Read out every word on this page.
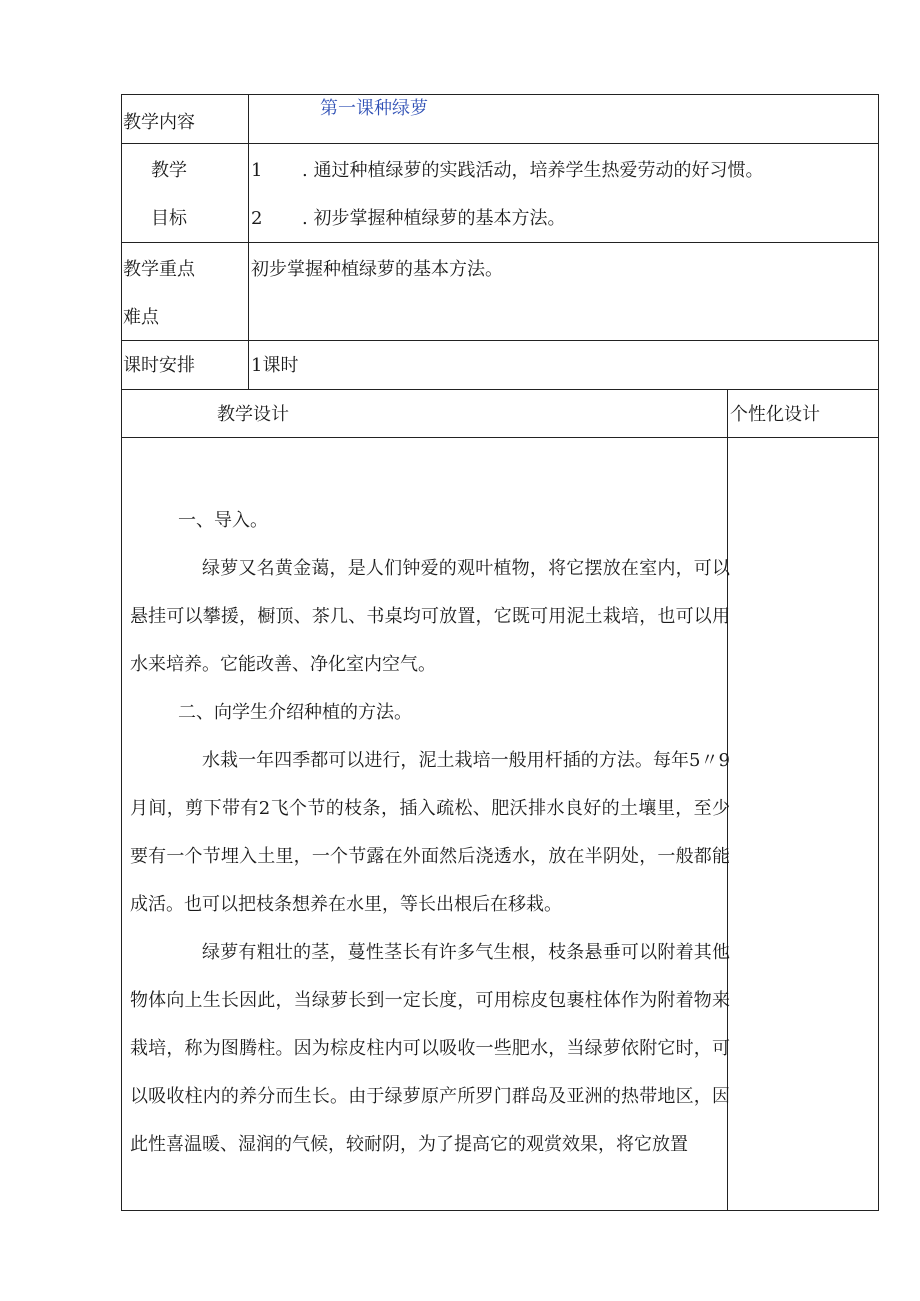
教学内容
第一课种绿萝
教学
目标
1 . 通过种植绿萝的实践活动，培养学生热爱劳动的好习惯。
2 . 初步掌握种植绿萝的基本方法。
教学重点
难点
初步掌握种植绿萝的基本方法。
课时安排	1课时
教学设计	个性化设计
一、导入。
绿萝又名黄金蔼，是人们钟爱的观叶植物，将它摆放在室内，可以悬挂可以攀援，橱顶、茶几、书桌均可放置，它既可用泥土栽培，也可以用水来培养。它能改善、净化室内空气。
二、向学生介绍种植的方法。
水栽一年四季都可以进行，泥土栽培一般用杆插的方法。每年5〃9月间，剪下带有2飞个节的枝条，插入疏松、肥沃排水良好的土壤里，至少要有一个节埋入土里，一个节露在外面然后浇透水，放在半阴处，一般都能成活。也可以把枝条想养在水里，等长出根后在移栽。
绿萝有粗壮的茎，蔓性茎长有许多气生根，枝条悬垂可以附着其他物体向上生长因此，当绿萝长到一定长度，可用棕皮包裹柱体作为附着物来栽培，称为图腾柱。因为棕皮柱内可以吸收一些肥水，当绿萝依附它时，可以吸收柱内的养分而生长。由于绿萝原产所罗门群岛及亚洲的热带地区，因此性喜温暖、湿润的气候，较耐阴，为了提高它的观赏效果，将它放置
